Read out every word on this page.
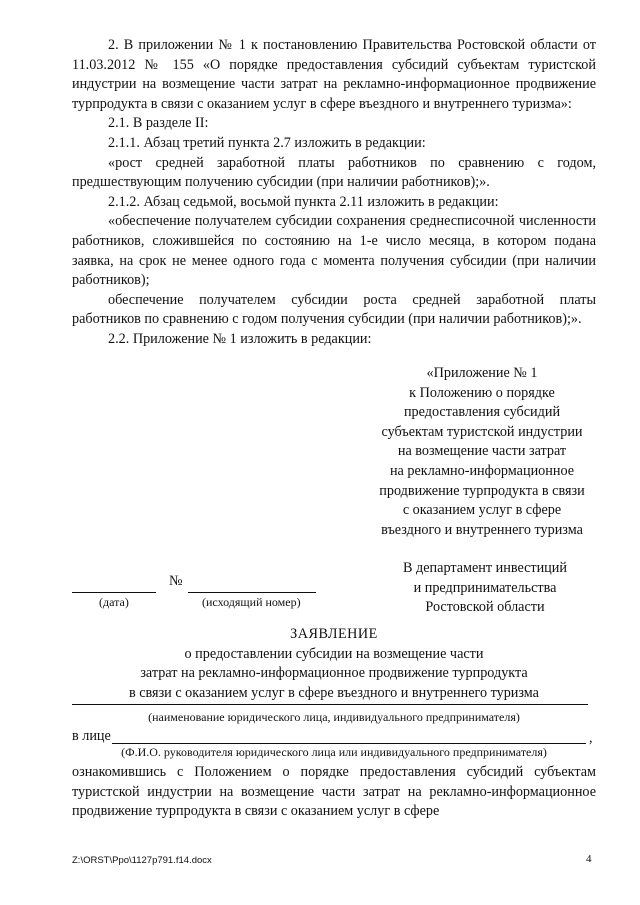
2. В приложении № 1 к постановлению Правительства Ростовской области от 11.03.2012 № 155 «О порядке предоставления субсидий субъектам туристской индустрии на возмещение части затрат на рекламно-информационное продвижение турпродукта в связи с оказанием услуг в сфере въездного и внутреннего туризма»:

2.1. В разделе II:

2.1.1. Абзац третий пункта 2.7 изложить в редакции:

«рост средней заработной платы работников по сравнению с годом, предшествующим получению субсидии (при наличии работников);».

2.1.2. Абзац седьмой, восьмой пункта 2.11 изложить в редакции:

«обеспечение получателем субсидии сохранения среднесписочной численности работников, сложившейся по состоянию на 1-е число месяца, в котором подана заявка, на срок не менее одного года с момента получения субсидии (при наличии работников);

обеспечение получателем субсидии роста средней заработной платы работников по сравнению с годом получения субсидии (при наличии работников);».

2.2. Приложение № 1 изложить в редакции:

«Приложение № 1
к Положению о порядке
предоставления субсидий
субъектам туристской индустрии
на возмещение части затрат
на рекламно-информационное
продвижение турпродукта в связи
с оказанием услуг в сфере
въездного и внутреннего туризма
В департамент инвестиций
и предпринимательства
Ростовской области
№
(дата)	(исходящий номер)
ЗАЯВЛЕНИЕ
о предоставлении субсидии на возмещение части
затрат на рекламно-информационное продвижение турпродукта
в связи с оказанием услуг в сфере въездного и внутреннего туризма
(наименование юридического лица, индивидуального предпринимателя)
в лице	,
(Ф.И.О. руководителя юридического лица или индивидуального предпринимателя)

ознакомившись с Положением о порядке предоставления субсидий субъектам туристской индустрии на возмещение части затрат на рекламно-информационное продвижение турпродукта в связи с оказанием услуг в сфере

Z:\ORST\Ppo\1127p791.f14.docx	4
